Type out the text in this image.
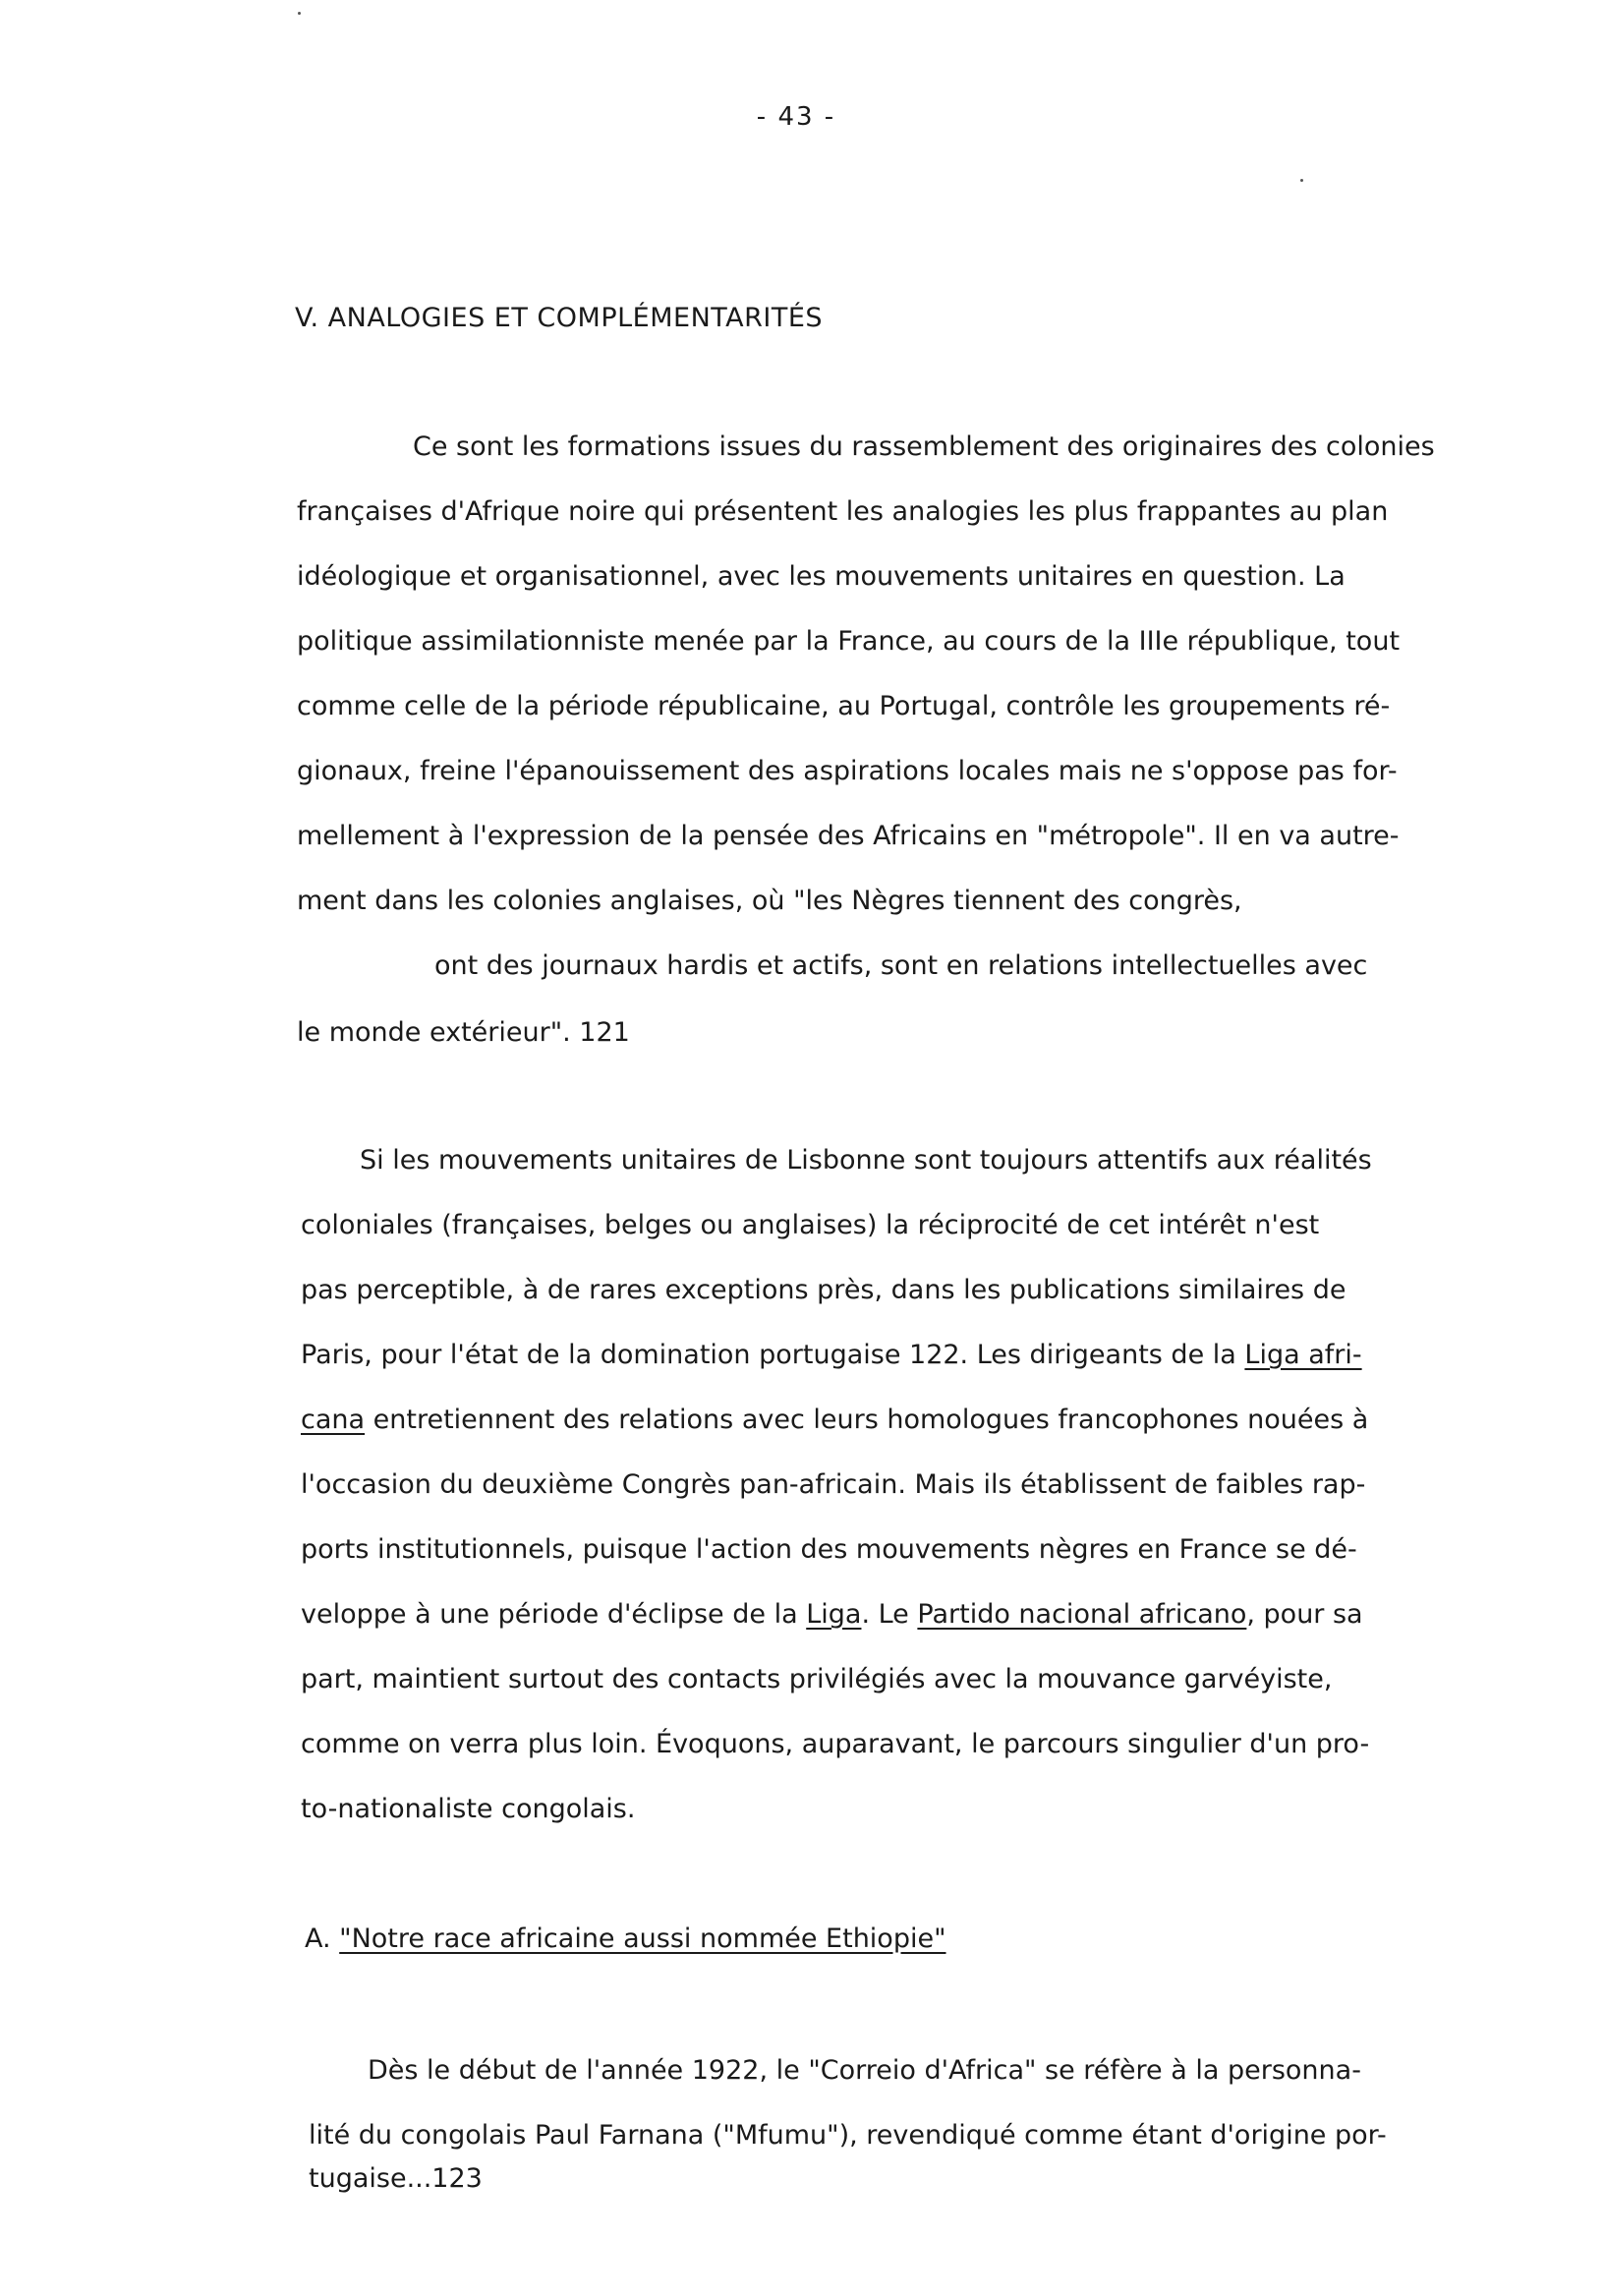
- 43 -
V. ANALOGIES ET COMPLÉMENTARITÉS
Ce sont les formations issues du rassemblement des originaires des colonies
françaises d'Afrique noire qui présentent les analogies les plus frappantes au plan
idéologique et organisationnel, avec les mouvements unitaires en question. La
politique assimilationniste menée par la France, au cours de la IIIe république, tout
comme celle de la période républicaine, au Portugal, contrôle les groupements ré-
gionaux, freine l'épanouissement des aspirations locales mais ne s'oppose pas for-
mellement à l'expression de la pensée des Africains en "métropole". Il en va autre-
ment dans les colonies anglaises, où "les Nègres tiennent des congrès,
ont des journaux hardis et actifs, sont en relations intellectuelles avec
le monde extérieur". 121
Si les mouvements unitaires de Lisbonne sont toujours attentifs aux réalités
coloniales (françaises, belges ou anglaises) la réciprocité de cet intérêt n'est
pas perceptible, à de rares exceptions près, dans les publications similaires de
Paris, pour l'état de la domination portugaise 122. Les dirigeants de la Liga afri-
cana entretiennent des relations avec leurs homologues francophones nouées à
l'occasion du deuxième Congrès pan-africain. Mais ils établissent de faibles rap-
ports institutionnels, puisque l'action des mouvements nègres en France se dé-
veloppe à une période d'éclipse de la Liga. Le Partido nacional africano, pour sa
part, maintient surtout des contacts privilégiés avec la mouvance garvéyiste,
comme on verra plus loin. Évoquons, auparavant, le parcours singulier d'un pro-
to-nationaliste congolais.
A. "Notre race africaine aussi nommée Ethiopie"
Dès le début de l'année 1922, le "Correio d'Africa" se réfère à la personna-
lité du congolais Paul Farnana ("Mfumu"), revendiqué comme étant d'origine por-
tugaise...123
